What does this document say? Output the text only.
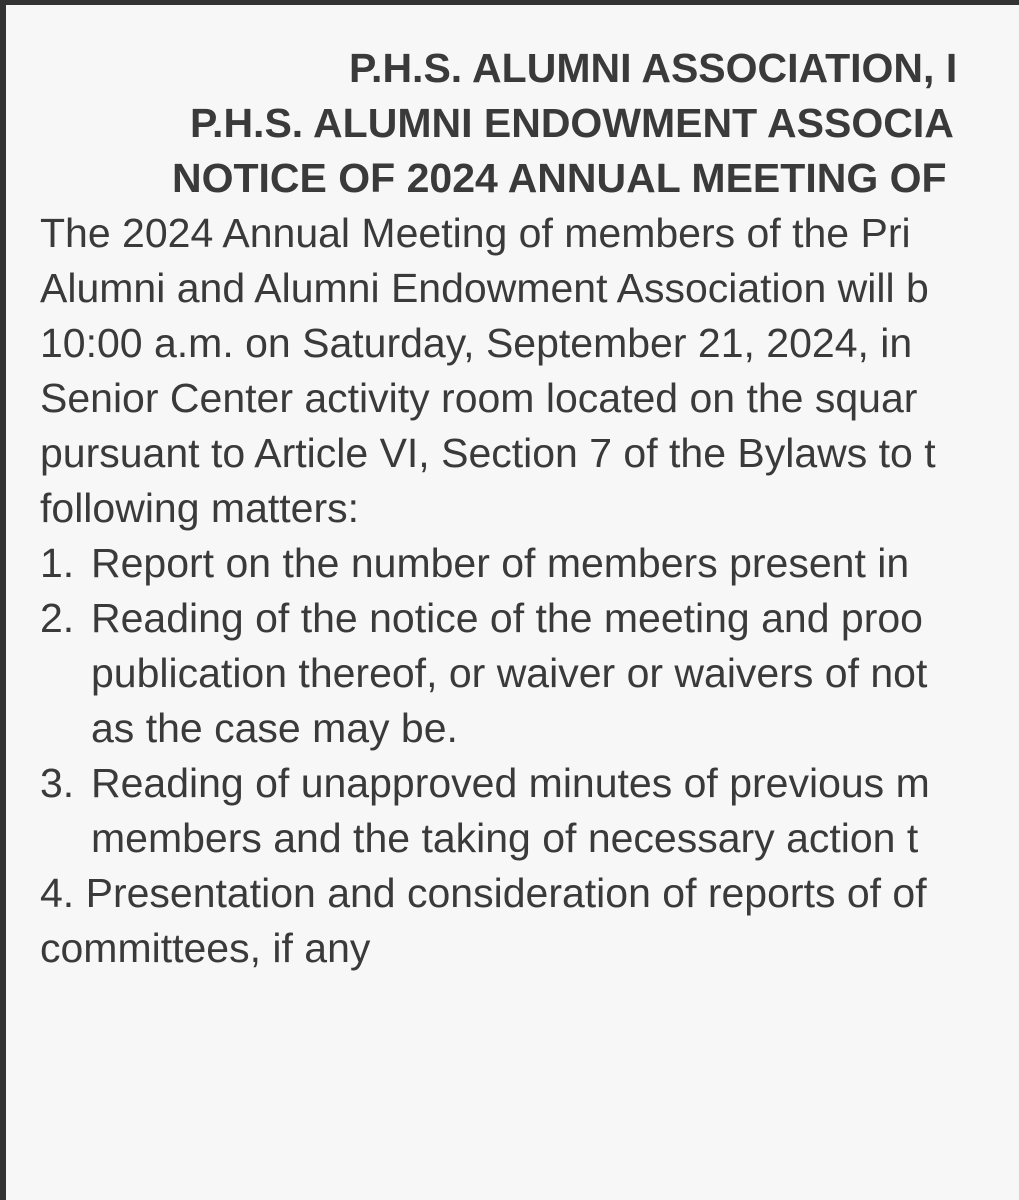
P.H.S. ALUMNI ASSOCIATION, I

P.H.S. ALUMNI ENDOWMENT ASSOCIA

NOTICE OF 2024 ANNUAL MEETING OF

The 2024 Annual Meeting of members of the Pri
Alumni and Alumni Endowment Association will b
10:00 a.m. on Saturday, September 21, 2024, in
Senior Center activity room located on the squar
pursuant to Article VI, Section 7 of the Bylaws to t
following matters:
1. Report on the number of members present in
2. Reading of the notice of the meeting and proo
publication thereof, or waiver or waivers of not
as the case may be.
3. Reading of unapproved minutes of previous m
members and the taking of necessary action t
4. Presentation and consideration of reports of of
committees, if any
